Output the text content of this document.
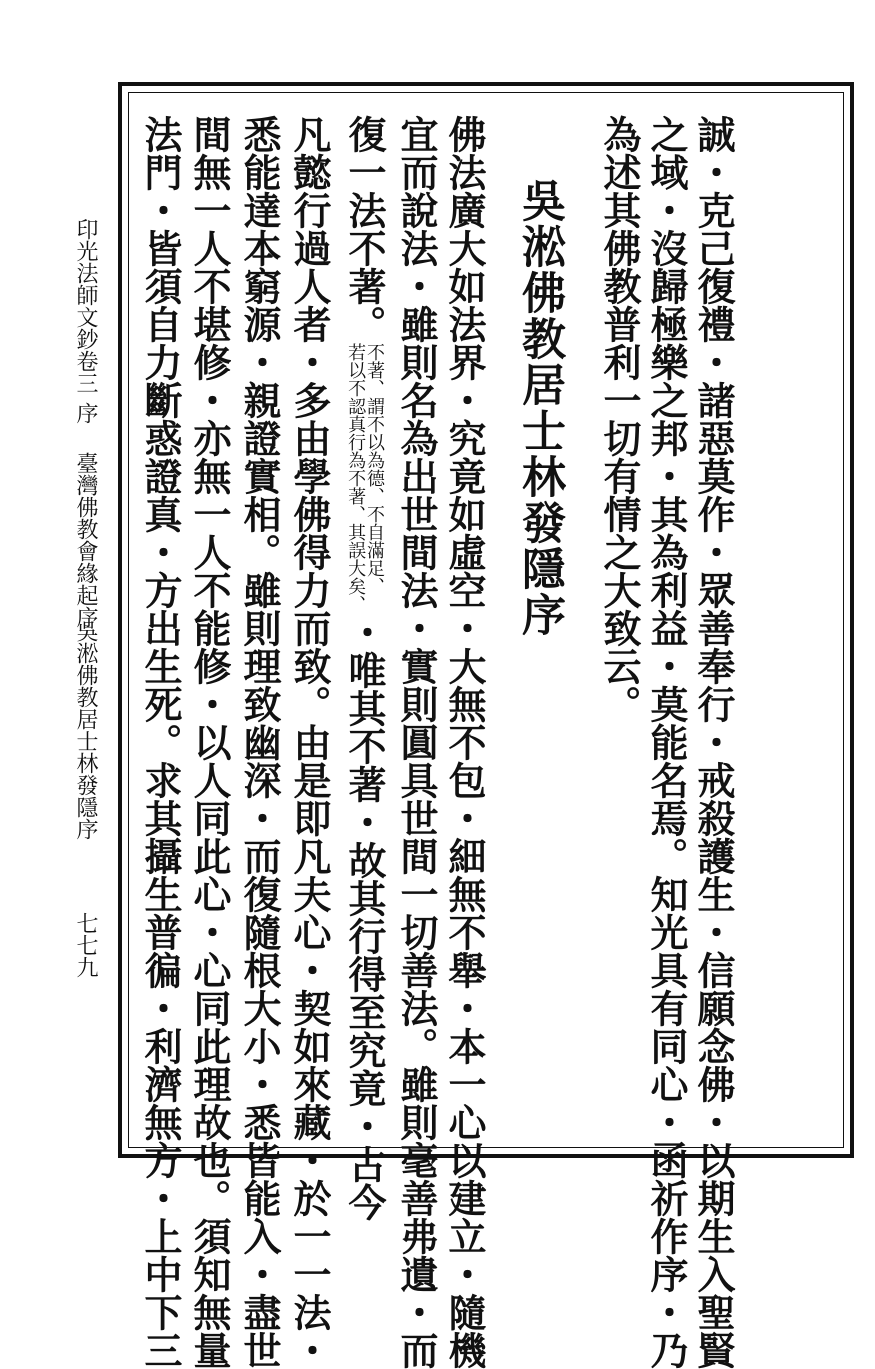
誠・克己復禮・諸惡莫作・眾善奉行・戒殺護生・信願念佛・以期生入聖賢
之域・沒歸極樂之邦・其為利益・莫能名焉。知光具有同心・函祈作序・乃
為述其佛教普利一切有情之大致云。
吳淞佛教居士林發隱序
佛法廣大如法界・究竟如虛空・大無不包・細無不舉・本一心以建立・隨機
宜而說法・雖則名為出世間法・實則圓具世間一切善法。雖則毫善弗遺・而
復一法不著。
不著、謂不以為德、不自滿足、
若以不認真行為不著、其誤大矣、
・唯其不著・故其行得至究竟・古今
凡懿行過人者・多由學佛得力而致。由是即凡夫心・契如來藏・於一一法・
悉能達本窮源・親證實相。雖則理致幽深・而復隨根大小・悉皆能入・盡世
間無一人不堪修・亦無一人不能修・以人同此心・心同此理故也。須知無量
法門・皆須自力斷惑證真・方出生死。求其攝生普徧・利濟無方・上中下三
印光法師文鈔卷三
序
臺灣佛教會緣起序
吳淞佛教居士林發隱序
七七九
